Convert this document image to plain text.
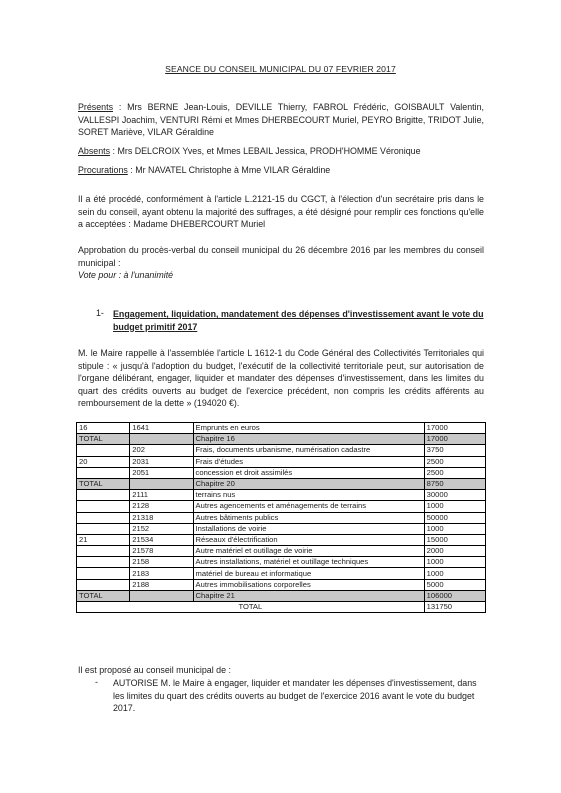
SEANCE DU CONSEIL MUNICIPAL DU 07 FEVRIER 2017
Présents : Mrs BERNE Jean-Louis, DEVILLE Thierry, FABROL Frédéric, GOISBAULT Valentin, VALLESPI Joachim, VENTURI Rémi et Mmes DHERBECOURT Muriel, PEYRO Brigitte, TRIDOT Julie, SORET Mariève, VILAR Géraldine
Absents : Mrs DELCROIX Yves, et Mmes LEBAIL Jessica, PRODH'HOMME Véronique
Procurations : Mr NAVATEL Christophe à Mme VILAR Géraldine
Il a été procédé, conformément à l'article L.2121-15 du CGCT, à l'élection d'un secrétaire pris dans le sein du conseil, ayant obtenu la majorité des suffrages, a été désigné pour remplir ces fonctions qu'elle a acceptées : Madame DHEBERCOURT Muriel
Approbation du procès-verbal du conseil municipal du 26 décembre 2016 par les membres du conseil municipal :
Vote pour : à l'unanimité
1- Engagement, liquidation, mandatement des dépenses d'investissement avant le vote du budget primitif 2017
M. le Maire rappelle à l'assemblée l'article L 1612-1 du Code Général des Collectivités Territoriales qui stipule : « jusqu'à l'adoption du budget, l'exécutif de la collectivité territoriale peut, sur autorisation de l'organe délibérant, engager, liquider et mandater des dépenses d'investissement, dans les limites du quart des crédits ouverts au budget de l'exercice précédent, non compris les crédits afférents au remboursement de la dette » (194020 €).
16	1641	Emprunts en euros	17000
TOTAL		Chapitre 16	17000
	202	Frais, documents urbanisme, numérisation cadastre	3750
20	2031	Frais d'études	2500
	2051	concession et droit assimilés	2500
TOTAL		Chapitre 20	8750
	2111	terrains nus	30000
	2128	Autres agencements et aménagements de terrains	1000
	21318	Autres bâtiments publics	50000
	2152	Installations de voirie	1000
21	21534	Réseaux d'électrification	15000
	21578	Autre matériel et outillage de voirie	2000
	2158	Autres installations, matériel et outillage techniques	1000
	2183	matériel de bureau et informatique	1000
	2188	Autres immobilisations corporelles	5000
TOTAL		Chapitre 21	106000
TOTAL			131750
Il est proposé au conseil municipal de :
- AUTORISE M. le Maire à engager, liquider et mandater les dépenses d'investissement, dans les limites du quart des crédits ouverts au budget de l'exercice 2016 avant le vote du budget 2017.
